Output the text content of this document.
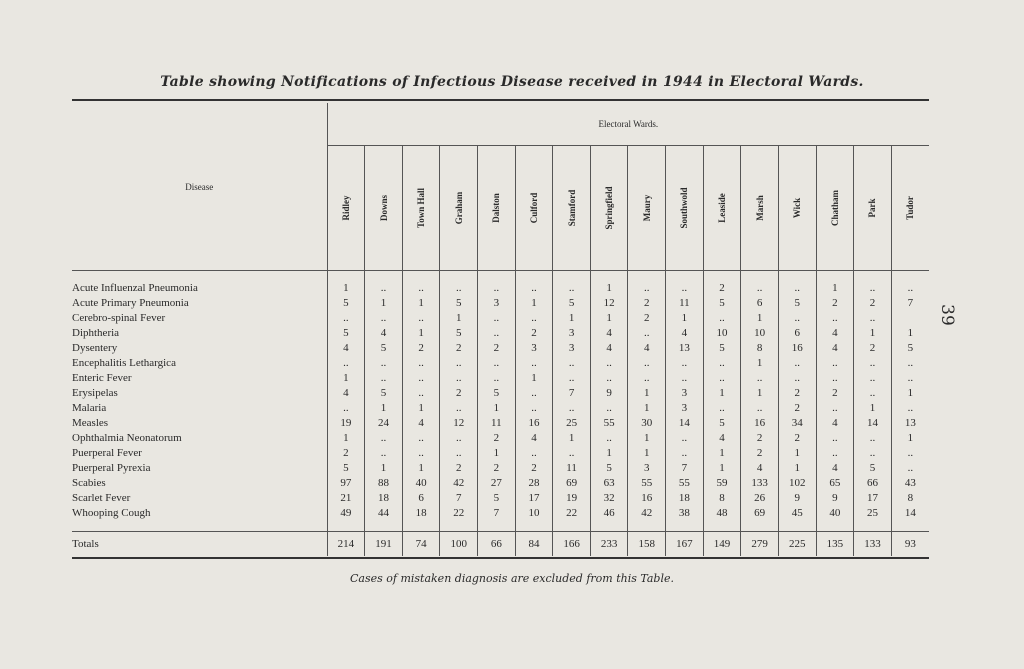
Table showing Notifications of Infectious Disease received in 1944 in Electoral Wards.
Disease	Electoral Wards.															

	Ridley	Downs	Town Hall	Graham	Dalston	Culford	Stamford	Springfield	Maury	Southwold	Leaside	Marsh	Wick	Chatham	Park	Tudor

Acute Influenzal Pneumonia	1	..	..	..	..	..	..	1	..	..	2	..	..	1	..	..
Acute Primary Pneumonia	5	1	1	5	3	1	5	12	2	11	5	6	5	2	2	7
Cerebro-spinal Fever	..	..	..	1	..	..	1	1	2	1	..	1	..	..	..	
Diphtheria	5	4	1	5	..	2	3	4	..	4	10	10	6	4	1	1
Dysentery	4	5	2	2	2	3	3	4	4	13	5	8	16	4	2	5
Encephalitis Lethargica	..	..	..	..	..	..	..	..	..	..	..	1	..	..	..	..
Enteric Fever	1	..	..	..	..	1	..	..	..	..	..	..	..	..	..	..
Erysipelas	4	5	..	2	5	..	7	9	1	3	1	1	2	2	..	1
Malaria	..	1	1	..	1	..	..	..	1	3	..	..	2	..	1	..
Measles	19	24	4	12	11	16	25	55	30	14	5	16	34	4	14	13
Ophthalmia Neonatorum	1	..	..	..	2	4	1	..	1	..	4	2	2	..	..	1
Puerperal Fever	2	..	..	..	1	..	..	1	1	..	1	2	1	..	..	..
Puerperal Pyrexia	5	1	1	2	2	2	11	5	3	7	1	4	1	4	5	..
Scabies	97	88	40	42	27	28	69	63	55	55	59	133	102	65	66	43
Scarlet Fever	21	18	6	7	5	17	19	32	16	18	8	26	9	9	17	8
Whooping Cough	49	44	18	22	7	10	22	46	42	38	48	69	45	40	25	14

Totals	214	191	74	100	66	84	166	233	158	167	149	279	225	135	133	93
39
Cases of mistaken diagnosis are excluded from this Table.
